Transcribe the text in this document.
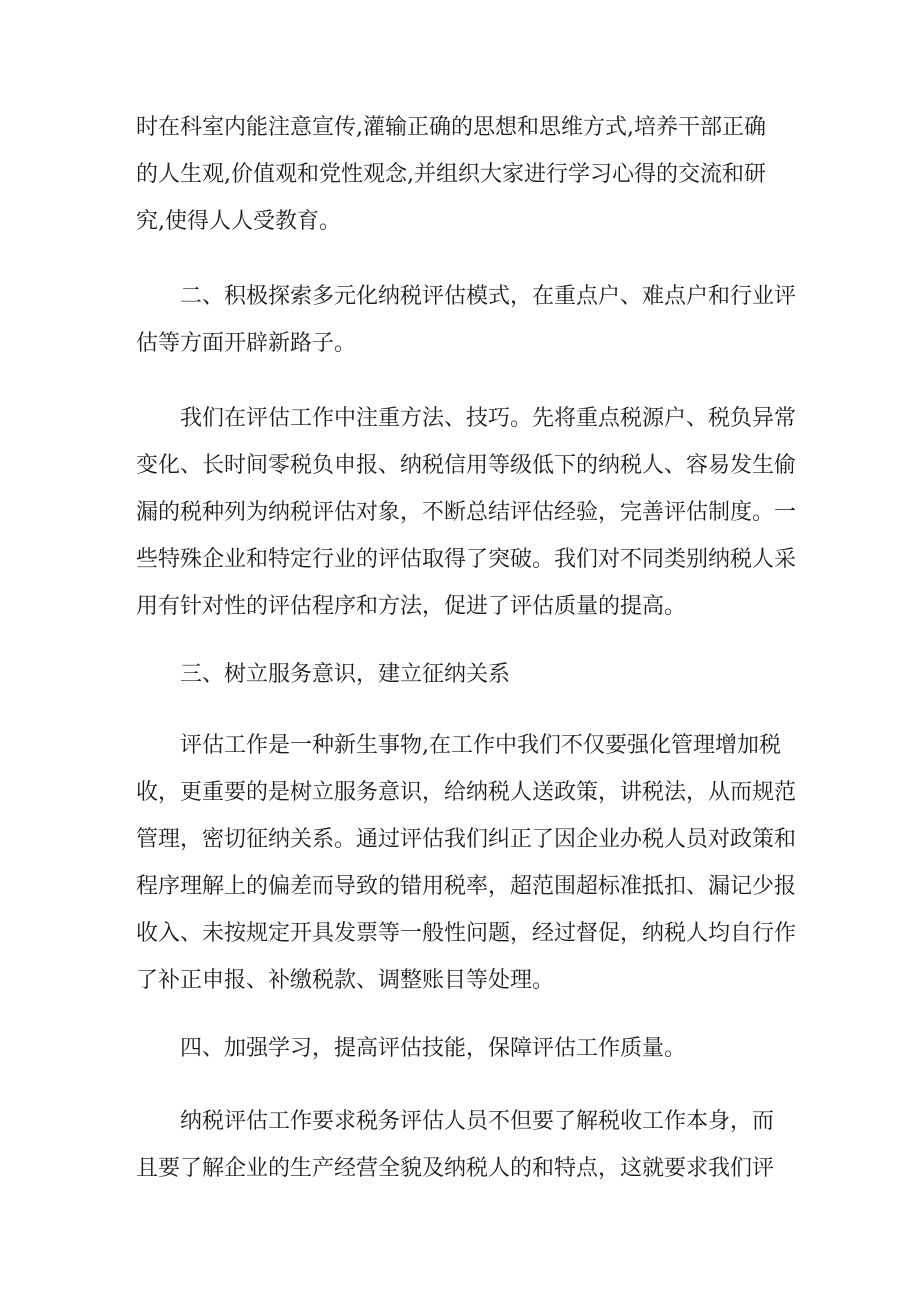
时在科室内能注意宣传,灌输正确的思想和思维方式,培养干部正确
的人生观,价值观和党性观念,并组织大家进行学习心得的交流和研
究,使得人人受教育。
二、积极探索多元化纳税评估模式，在重点户、难点户和行业评
估等方面开辟新路子。
我们在评估工作中注重方法、技巧。先将重点税源户、税负异常
变化、长时间零税负申报、纳税信用等级低下的纳税人、容易发生偷
漏的税种列为纳税评估对象，不断总结评估经验，完善评估制度。一
些特殊企业和特定行业的评估取得了突破。我们对不同类别纳税人采
用有针对性的评估程序和方法，促进了评估质量的提高。
三、树立服务意识，建立征纳关系
评估工作是一种新生事物,在工作中我们不仅要强化管理增加税
收，更重要的是树立服务意识，给纳税人送政策，讲税法，从而规范
管理，密切征纳关系。通过评估我们纠正了因企业办税人员对政策和
程序理解上的偏差而导致的错用税率，超范围超标准抵扣、漏记少报
收入、未按规定开具发票等一般性问题，经过督促，纳税人均自行作
了补正申报、补缴税款、调整账目等处理。
四、加强学习，提高评估技能，保障评估工作质量。
纳税评估工作要求税务评估人员不但要了解税收工作本身，而
且要了解企业的生产经营全貌及纳税人的和特点，这就要求我们评
